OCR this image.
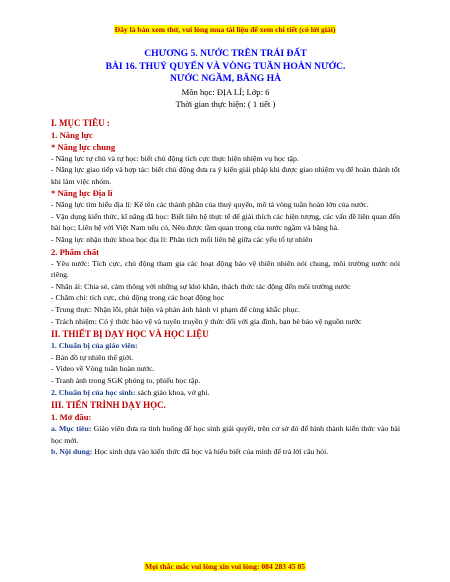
Đây là bản xem thử, vui lòng mua tài liệu để xem chi tiết (có lời giải)
CHƯƠNG 5. NƯỚC TRÊN TRÁI ĐẤT
BÀI 16. THUỶ QUYỂN VÀ VÒNG TUẦN HOÀN NƯỚC.
NƯỚC NGẦM, BĂNG HÀ
Môn học: ĐỊA LÍ; Lớp: 6
Thời gian thực hiện: ( 1 tiết )
I. MỤC TIÊU :
1. Năng lực
* Năng lực chung
- Năng lực tự chủ và tự học: biết chủ động tích cực thực hiện nhiệm vụ học tập.
- Năng lực giao tiếp và hợp tác: biết chủ động đưa ra ý kiến giải pháp khi được giao nhiệm vụ để hoàn thành tốt khi làm việc nhóm.
* Năng lực Địa lí
- Năng lực tìm hiểu địa lí: Kể tên các thành phần của thuỷ quyển, mô tả vòng tuần hoàn lớn của nước.
- Vận dụng kiến thức, kĩ năng đã học: Biết liên hệ thực tế để giải thích các hiện tượng, các vấn đề liên quan đến bài học; Liên hệ với Việt Nam nếu có, Nêu được tầm quan trọng của nước ngầm và băng hà.
- Năng lực nhận thức khoa học địa lí: Phân tích mối liên hệ giữa các yếu tố tự nhiên
2. Phẩm chất
- Yêu nước: Tích cực, chủ động tham gia các hoạt động bảo vệ thiên nhiên nói chung, môi trường nước nói riêng.
- Nhân ái: Chia sẻ, cảm thông với những sự khó khăn, thách thức tác động đến môi trường nước
- Chăm chỉ: tích cực, chủ động trong các hoạt động học
- Trung thực: Nhận lỗi, phát hiện và phản ánh hành vi phạm để cùng khắc phục.
- Trách nhiệm: Có ý thức bảo vệ và tuyên truyền ý thức đối với gia đình, bạn bè bảo vệ nguồn nước
II. THIẾT BỊ DẠY HỌC VÀ HỌC LIỆU
1. Chuẩn bị của giáo viên:
- Bản đồ tự nhiên thế giới.
- Video về Vòng tuần hoàn nước.
- Tranh ảnh trong SGK phóng to, phiếu học tập.
2. Chuẩn bị của học sinh: sách giáo khoa, vở ghi.
III. TIẾN TRÌNH DẠY HỌC.
1. Mở đầu:
a. Mục tiêu: Giáo viên đưa ra tình huống để học sinh giải quyết, trên cơ sở đó để hình thành kiến thức vào bài học mới.
b. Nội dung: Học sinh dựa vào kiến thức đã học và hiểu biết của mình để trả lời câu hỏi.
Mọi thắc mắc vui lòng xin vui lòng: 084 283 45 85
